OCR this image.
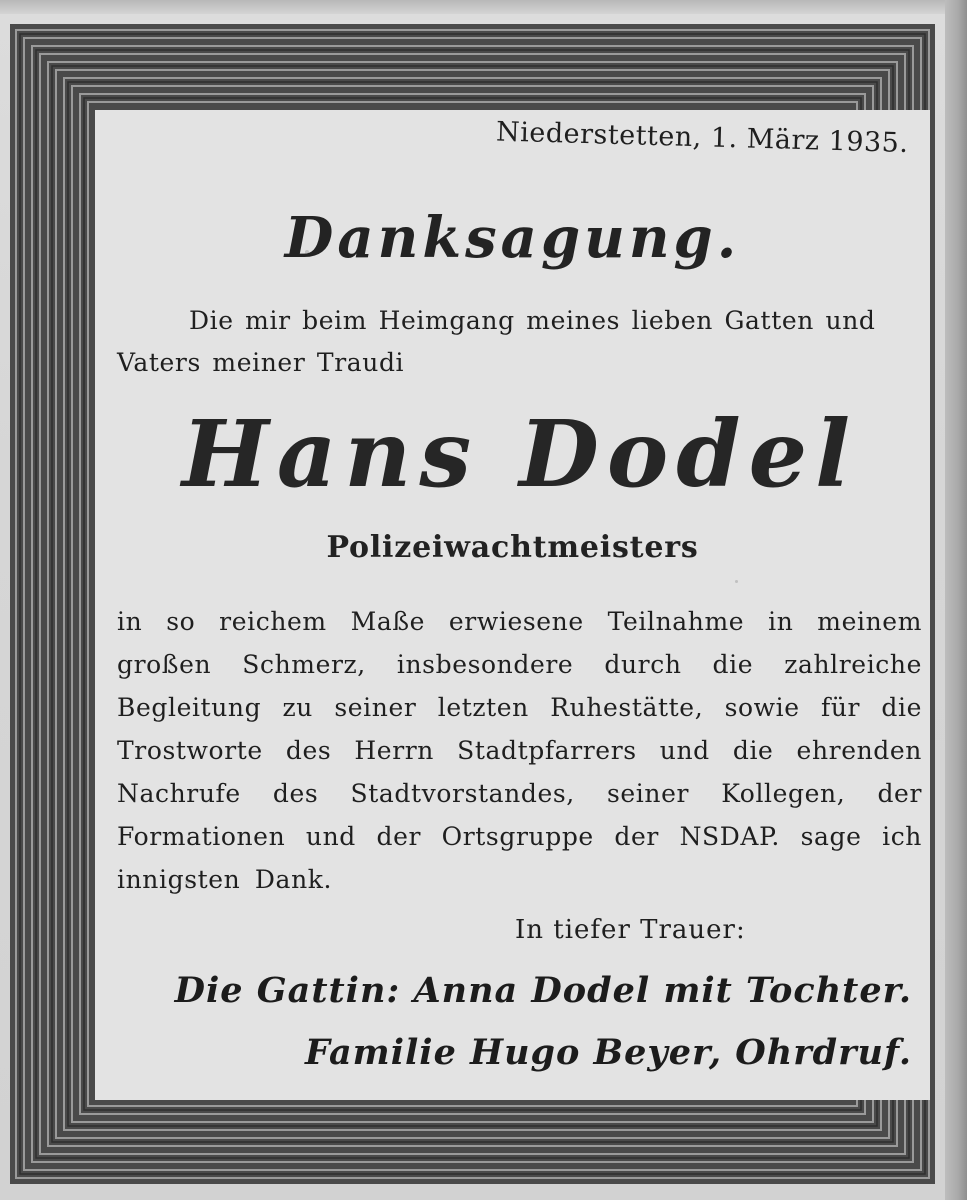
Niederstetten, 1. März 1935.
Danksagung.
Die mir beim Heimgang meines lieben Gatten und Vaters meiner Traudi
Hans Dodel
Polizeiwachtmeisters
in so reichem Maße erwiesene Teilnahme in meinem großen Schmerz, insbesondere durch die zahlreiche Begleitung zu seiner letzten Ruhestätte, sowie für die Trostworte des Herrn Stadtpfarrers und die ehrenden Nachrufe des Stadtvorstandes, seiner Kollegen, der Formationen und der Ortsgruppe der NSDAP. sage ich innigsten Dank.
In tiefer Trauer:
Die Gattin: Anna Dodel mit Tochter.
Familie Hugo Beyer, Ohrdruf.
